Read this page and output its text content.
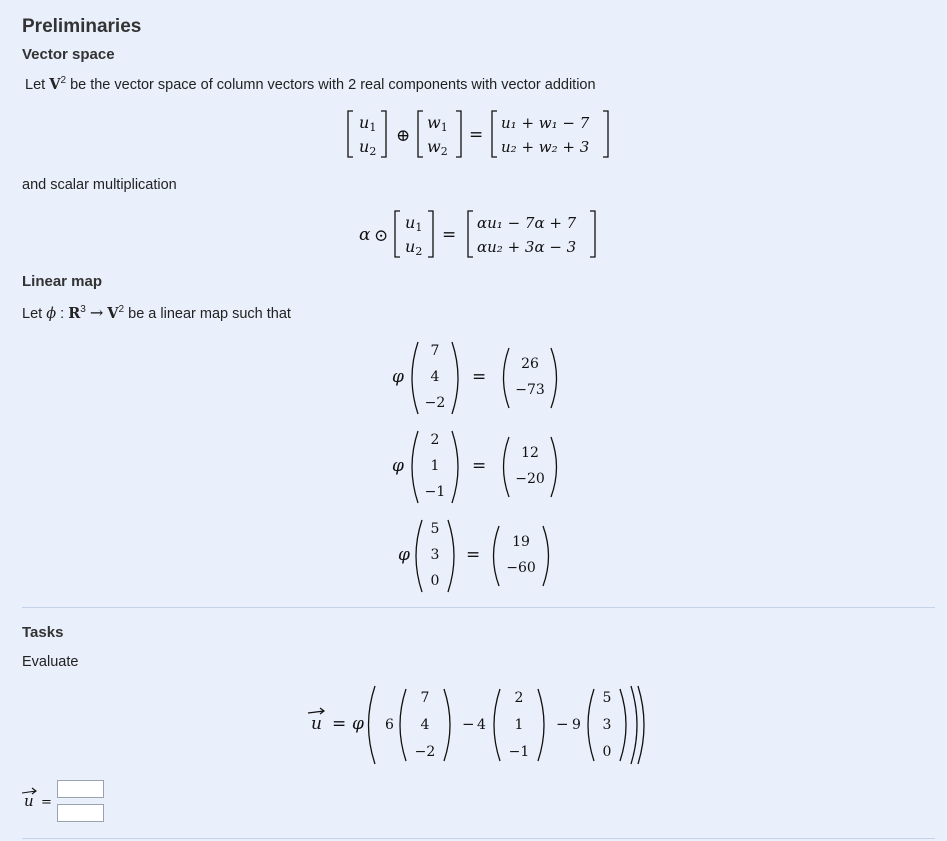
Preliminaries
Vector space
Let $V^2$ be the vector space of column vectors with 2 real components with vector addition
u1
u2
⊕
w1
w2
=
u₁ + w₁ − 7
u₂ + w₂ + 3
and scalar multiplication
α ⊙
u1
u2
=
αu₁ − 7α + 7
αu₂ + 3α − 3
Linear map
Let ϕ : $R^3 \to V^2$ be a linear map such that
φ
7
4
−2
=
26
−73
φ
2
1
−1
=
12
−20
φ
5
3
0
=
19
−60
Tasks
Evaluate
u = φ 6
7
4
−2
− 4
2
1
−1
− 9
5
3
0
u =
